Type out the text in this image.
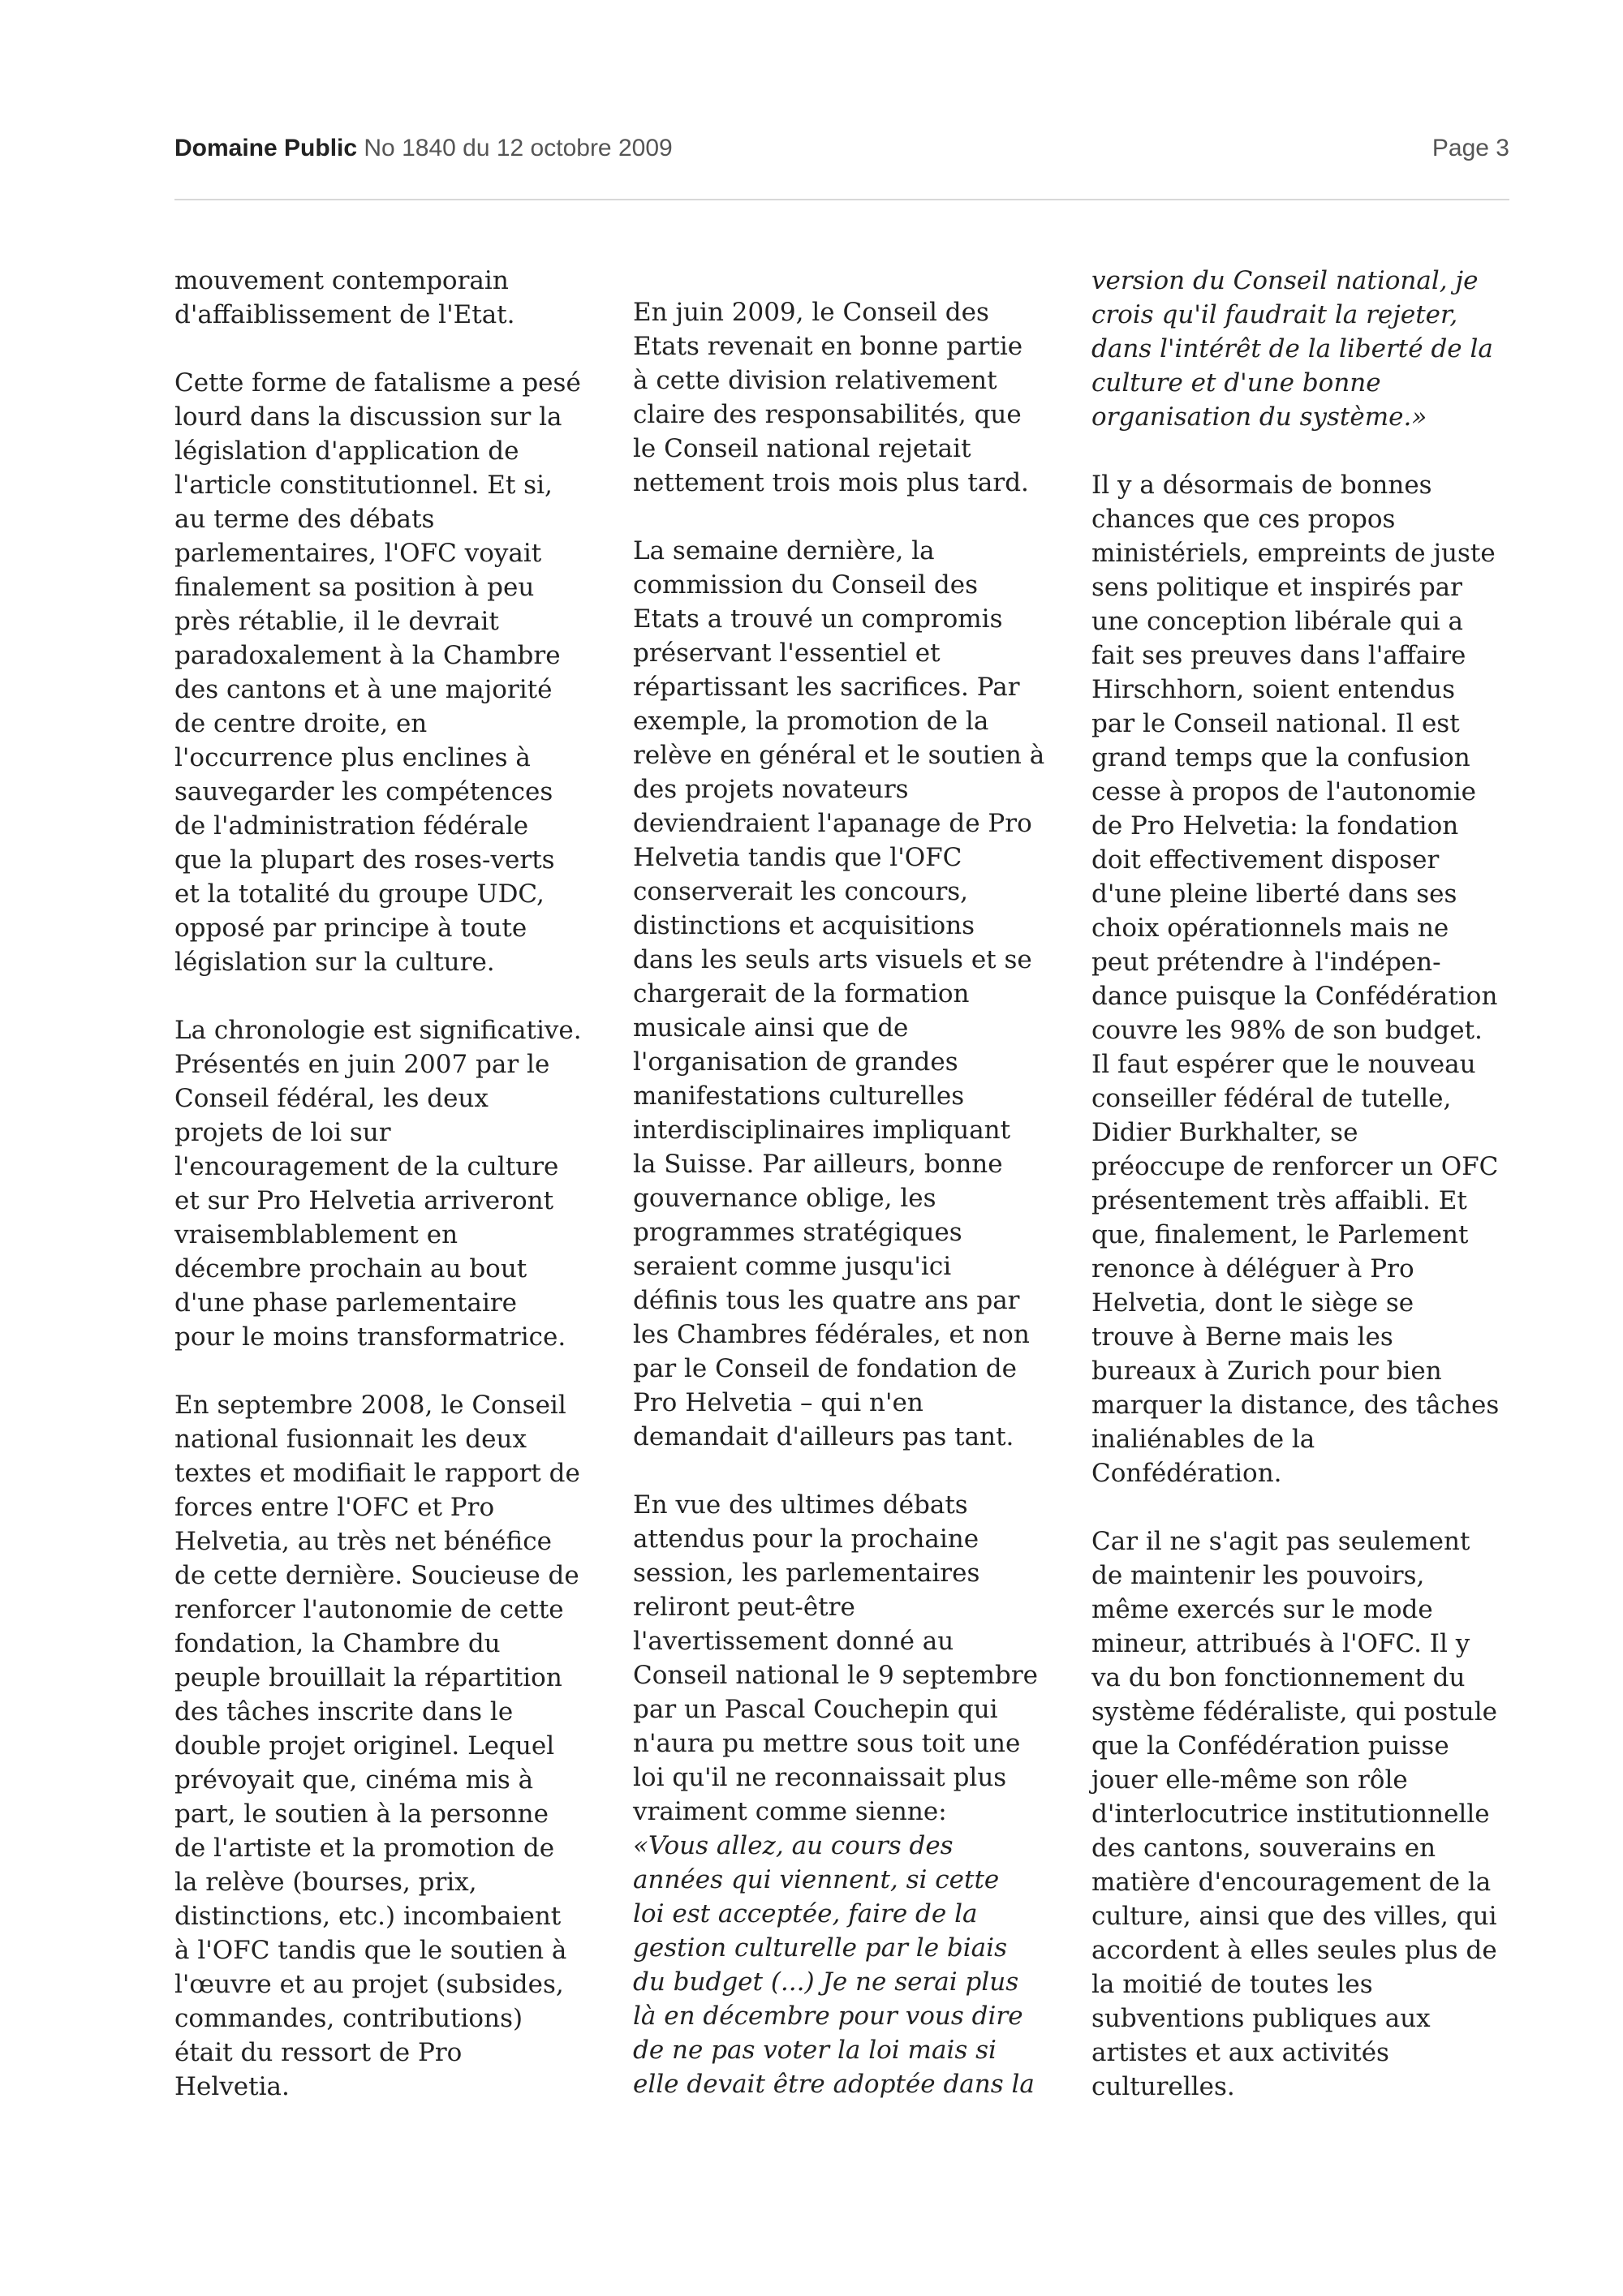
Domaine Public No 1840 du 12 octobre 2009	Page 3

mouvement contemporain
d'affaiblissement de l'Etat.

Cette forme de fatalisme a pesé
lourd dans la discussion sur la
législation d'application de
l'article constitutionnel. Et si,
au terme des débats
parlementaires, l'OFC voyait
finalement sa position à peu
près rétablie, il le devrait
paradoxalement à la Chambre
des cantons et à une majorité
de centre droite, en
l'occurrence plus enclines à
sauvegarder les compétences
de l'administration fédérale
que la plupart des roses-verts
et la totalité du groupe UDC,
opposé par principe à toute
législation sur la culture.

La chronologie est significative.
Présentés en juin 2007 par le
Conseil fédéral, les deux
projets de loi sur
l'encouragement de la culture
et sur Pro Helvetia arriveront
vraisemblablement en
décembre prochain au bout
d'une phase parlementaire
pour le moins transformatrice.

En septembre 2008, le Conseil
national fusionnait les deux
textes et modifiait le rapport de
forces entre l'OFC et Pro
Helvetia, au très net bénéfice
de cette dernière. Soucieuse de
renforcer l'autonomie de cette
fondation, la Chambre du
peuple brouillait la répartition
des tâches inscrite dans le
double projet originel. Lequel
prévoyait que, cinéma mis à
part, le soutien à la personne
de l'artiste et la promotion de
la relève (bourses, prix,
distinctions, etc.) incombaient
à l'OFC tandis que le soutien à
l'œuvre et au projet (subsides,
commandes, contributions)
était du ressort de Pro
Helvetia.

En juin 2009, le Conseil des
Etats revenait en bonne partie
à cette division relativement
claire des responsabilités, que
le Conseil national rejetait
nettement trois mois plus tard.

La semaine dernière, la
commission du Conseil des
Etats a trouvé un compromis
préservant l'essentiel et
répartissant les sacrifices. Par
exemple, la promotion de la
relève en général et le soutien à
des projets novateurs
deviendraient l'apanage de Pro
Helvetia tandis que l'OFC
conserverait les concours,
distinctions et acquisitions
dans les seuls arts visuels et se
chargerait de la formation
musicale ainsi que de
l'organisation de grandes
manifestations culturelles
interdisciplinaires impliquant
la Suisse. Par ailleurs, bonne
gouvernance oblige, les
programmes stratégiques
seraient comme jusqu'ici
définis tous les quatre ans par
les Chambres fédérales, et non
par le Conseil de fondation de
Pro Helvetia – qui n'en
demandait d'ailleurs pas tant.

En vue des ultimes débats
attendus pour la prochaine
session, les parlementaires
reliront peut-être
l'avertissement donné au
Conseil national le 9 septembre
par un Pascal Couchepin qui
n'aura pu mettre sous toit une
loi qu'il ne reconnaissait plus
vraiment comme sienne:

«Vous allez, au cours des
années qui viennent, si cette
loi est acceptée, faire de la
gestion culturelle par le biais
du budget (...) Je ne serai plus
là en décembre pour vous dire
de ne pas voter la loi mais si
elle devait être adoptée dans la

version du Conseil national, je
crois qu'il faudrait la rejeter,
dans l'intérêt de la liberté de la
culture et d'une bonne
organisation du système.»

Il y a désormais de bonnes
chances que ces propos
ministériels, empreints de juste
sens politique et inspirés par
une conception libérale qui a
fait ses preuves dans l'affaire
Hirschhorn, soient entendus
par le Conseil national. Il est
grand temps que la confusion
cesse à propos de l'autonomie
de Pro Helvetia: la fondation
doit effectivement disposer
d'une pleine liberté dans ses
choix opérationnels mais ne
peut prétendre à l'indépen-
dance puisque la Confédération
couvre les 98% de son budget.
Il faut espérer que le nouveau
conseiller fédéral de tutelle,
Didier Burkhalter, se
préoccupe de renforcer un OFC
présentement très affaibli. Et
que, finalement, le Parlement
renonce à déléguer à Pro
Helvetia, dont le siège se
trouve à Berne mais les
bureaux à Zurich pour bien
marquer la distance, des tâches
inaliénables de la
Confédération.

Car il ne s'agit pas seulement
de maintenir les pouvoirs,
même exercés sur le mode
mineur, attribués à l'OFC. Il y
va du bon fonctionnement du
système fédéraliste, qui postule
que la Confédération puisse
jouer elle-même son rôle
d'interlocutrice institutionnelle
des cantons, souverains en
matière d'encouragement de la
culture, ainsi que des villes, qui
accordent à elles seules plus de
la moitié de toutes les
subventions publiques aux
artistes et aux activités
culturelles.
